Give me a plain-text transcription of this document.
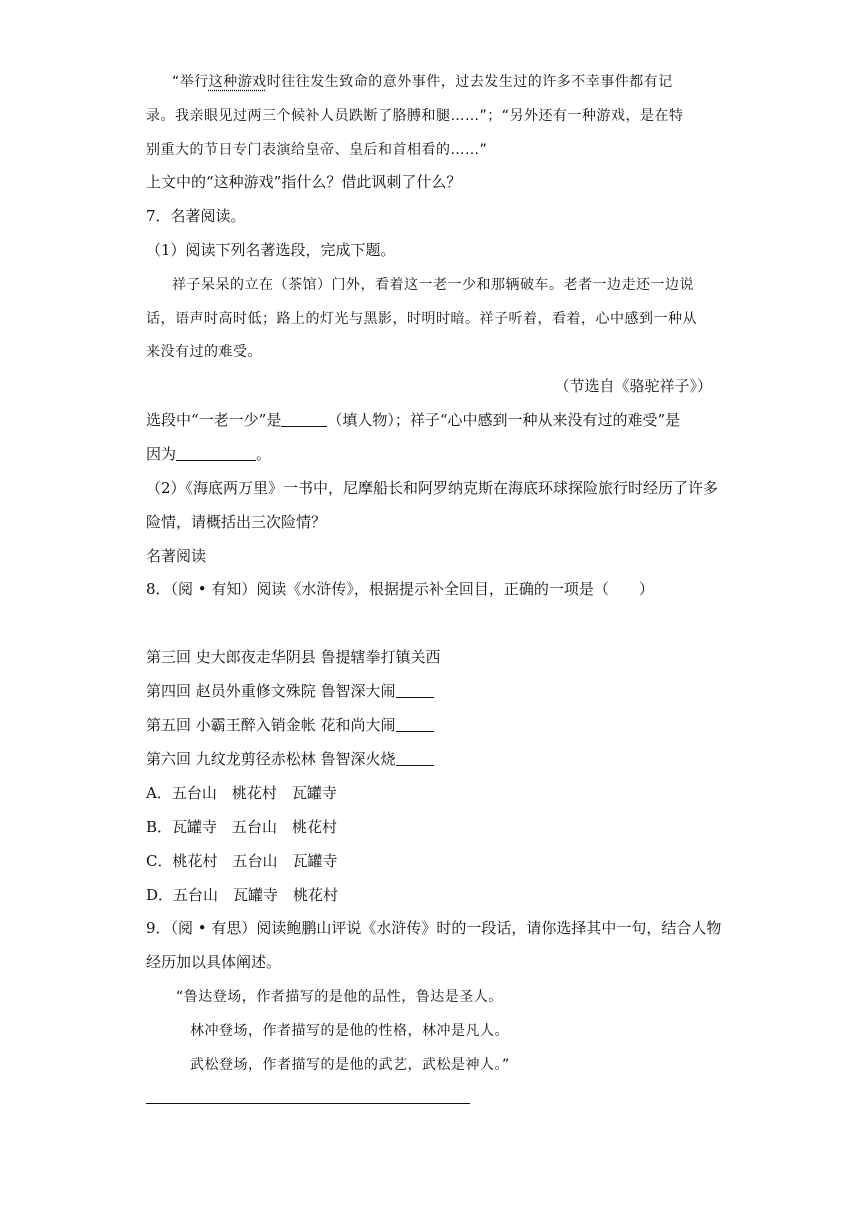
“举行这种游戏时往往发生致命的意外事件，过去发生过的许多不幸事件都有记
录。我亲眼见过两三个候补人员跌断了胳膊和腿……”；“另外还有一种游戏，是在特
别重大的节日专门表演给皇帝、皇后和首相看的……”
上文中的“这种游戏”指什么？借此讽刺了什么？
7．名著阅读。
（1）阅读下列名著选段，完成下题。
祥子呆呆的立在（茶馆）门外，看着这一老一少和那辆破车。老者一边走还一边说
话，语声时高时低；路上的灯光与黑影，时明时暗。祥子听着，看着，心中感到一种从
来没有过的难受。
（节选自《骆驼祥子》）
选段中“一老一少”是	（填人物）；祥子“心中感到一种从来没有过的难受”是
因为	。
（2）《海底两万里》一书中，尼摩船长和阿罗纳克斯在海底环球探险旅行时经历了许多
险情，请概括出三次险情？
名著阅读
8．（阅 • 有知）阅读《水浒传》，根据提示补全回目，正确的一项是（　　）
第三回 史大郎夜走华阴县 鲁提辖拳打镇关西
第四回 赵员外重修文殊院 鲁智深大闹
第五回 小霸王醉入销金帐 花和尚大闹
第六回 九纹龙剪径赤松林 鲁智深火烧
A．五台山　桃花村　瓦罐寺
B．瓦罐寺　五台山　桃花村
C．桃花村　五台山　瓦罐寺
D．五台山　瓦罐寺　桃花村
9．（阅 • 有思）阅读鲍鹏山评说《水浒传》时的一段话，请你选择其中一句，结合人物
经历加以具体阐述。
“鲁达登场，作者描写的是他的品性，鲁达是圣人。
林冲登场，作者描写的是他的性格，林冲是凡人。
武松登场，作者描写的是他的武艺，武松是神人。”
